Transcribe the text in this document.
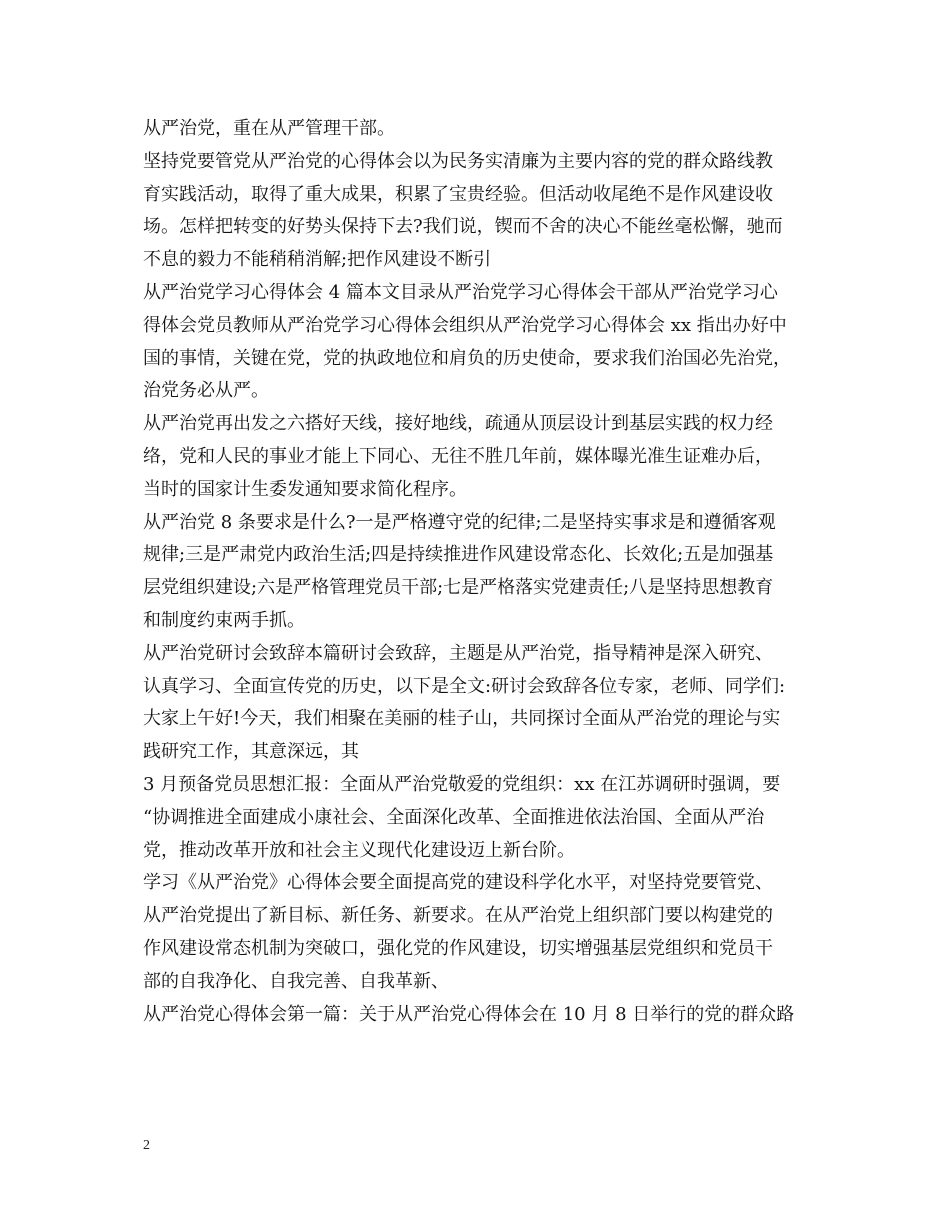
从严治党，重在从严管理干部。
坚持党要管党从严治党的心得体会以为民务实清廉为主要内容的党的群众路线教
育实践活动，取得了重大成果，积累了宝贵经验。但活动收尾绝不是作风建设收
场。怎样把转变的好势头保持下去?我们说，锲而不舍的决心不能丝毫松懈，驰而
不息的毅力不能稍稍消解;把作风建设不断引
从严治党学习心得体会 4 篇本文目录从严治党学习心得体会干部从严治党学习心
得体会党员教师从严治党学习心得体会组织从严治党学习心得体会 xx 指出办好中
国的事情，关键在党，党的执政地位和肩负的历史使命，要求我们治国必先治党，
治党务必从严。
从严治党再出发之六搭好天线，接好地线，疏通从顶层设计到基层实践的权力经
络，党和人民的事业才能上下同心、无往不胜几年前，媒体曝光准生证难办后，
当时的国家计生委发通知要求简化程序。
从严治党 8 条要求是什么?一是严格遵守党的纪律;二是坚持实事求是和遵循客观
规律;三是严肃党内政治生活;四是持续推进作风建设常态化、长效化;五是加强基
层党组织建设;六是严格管理党员干部;七是严格落实党建责任;八是坚持思想教育
和制度约束两手抓。
从严治党研讨会致辞本篇研讨会致辞，主题是从严治党，指导精神是深入研究、
认真学习、全面宣传党的历史，以下是全文:研讨会致辞各位专家，老师、同学们:
大家上午好!今天，我们相聚在美丽的桂子山，共同探讨全面从严治党的理论与实
践研究工作，其意深远，其
3 月预备党员思想汇报：全面从严治党敬爱的党组织：xx 在江苏调研时强调，要
“协调推进全面建成小康社会、全面深化改革、全面推进依法治国、全面从严治
党，推动改革开放和社会主义现代化建设迈上新台阶。
学习《从严治党》心得体会要全面提高党的建设科学化水平，对坚持党要管党、
从严治党提出了新目标、新任务、新要求。在从严治党上组织部门要以构建党的
作风建设常态机制为突破口，强化党的作风建设，切实增强基层党组织和党员干
部的自我净化、自我完善、自我革新、
从严治党心得体会第一篇：关于从严治党心得体会在 10 月 8 日举行的党的群众路
2
